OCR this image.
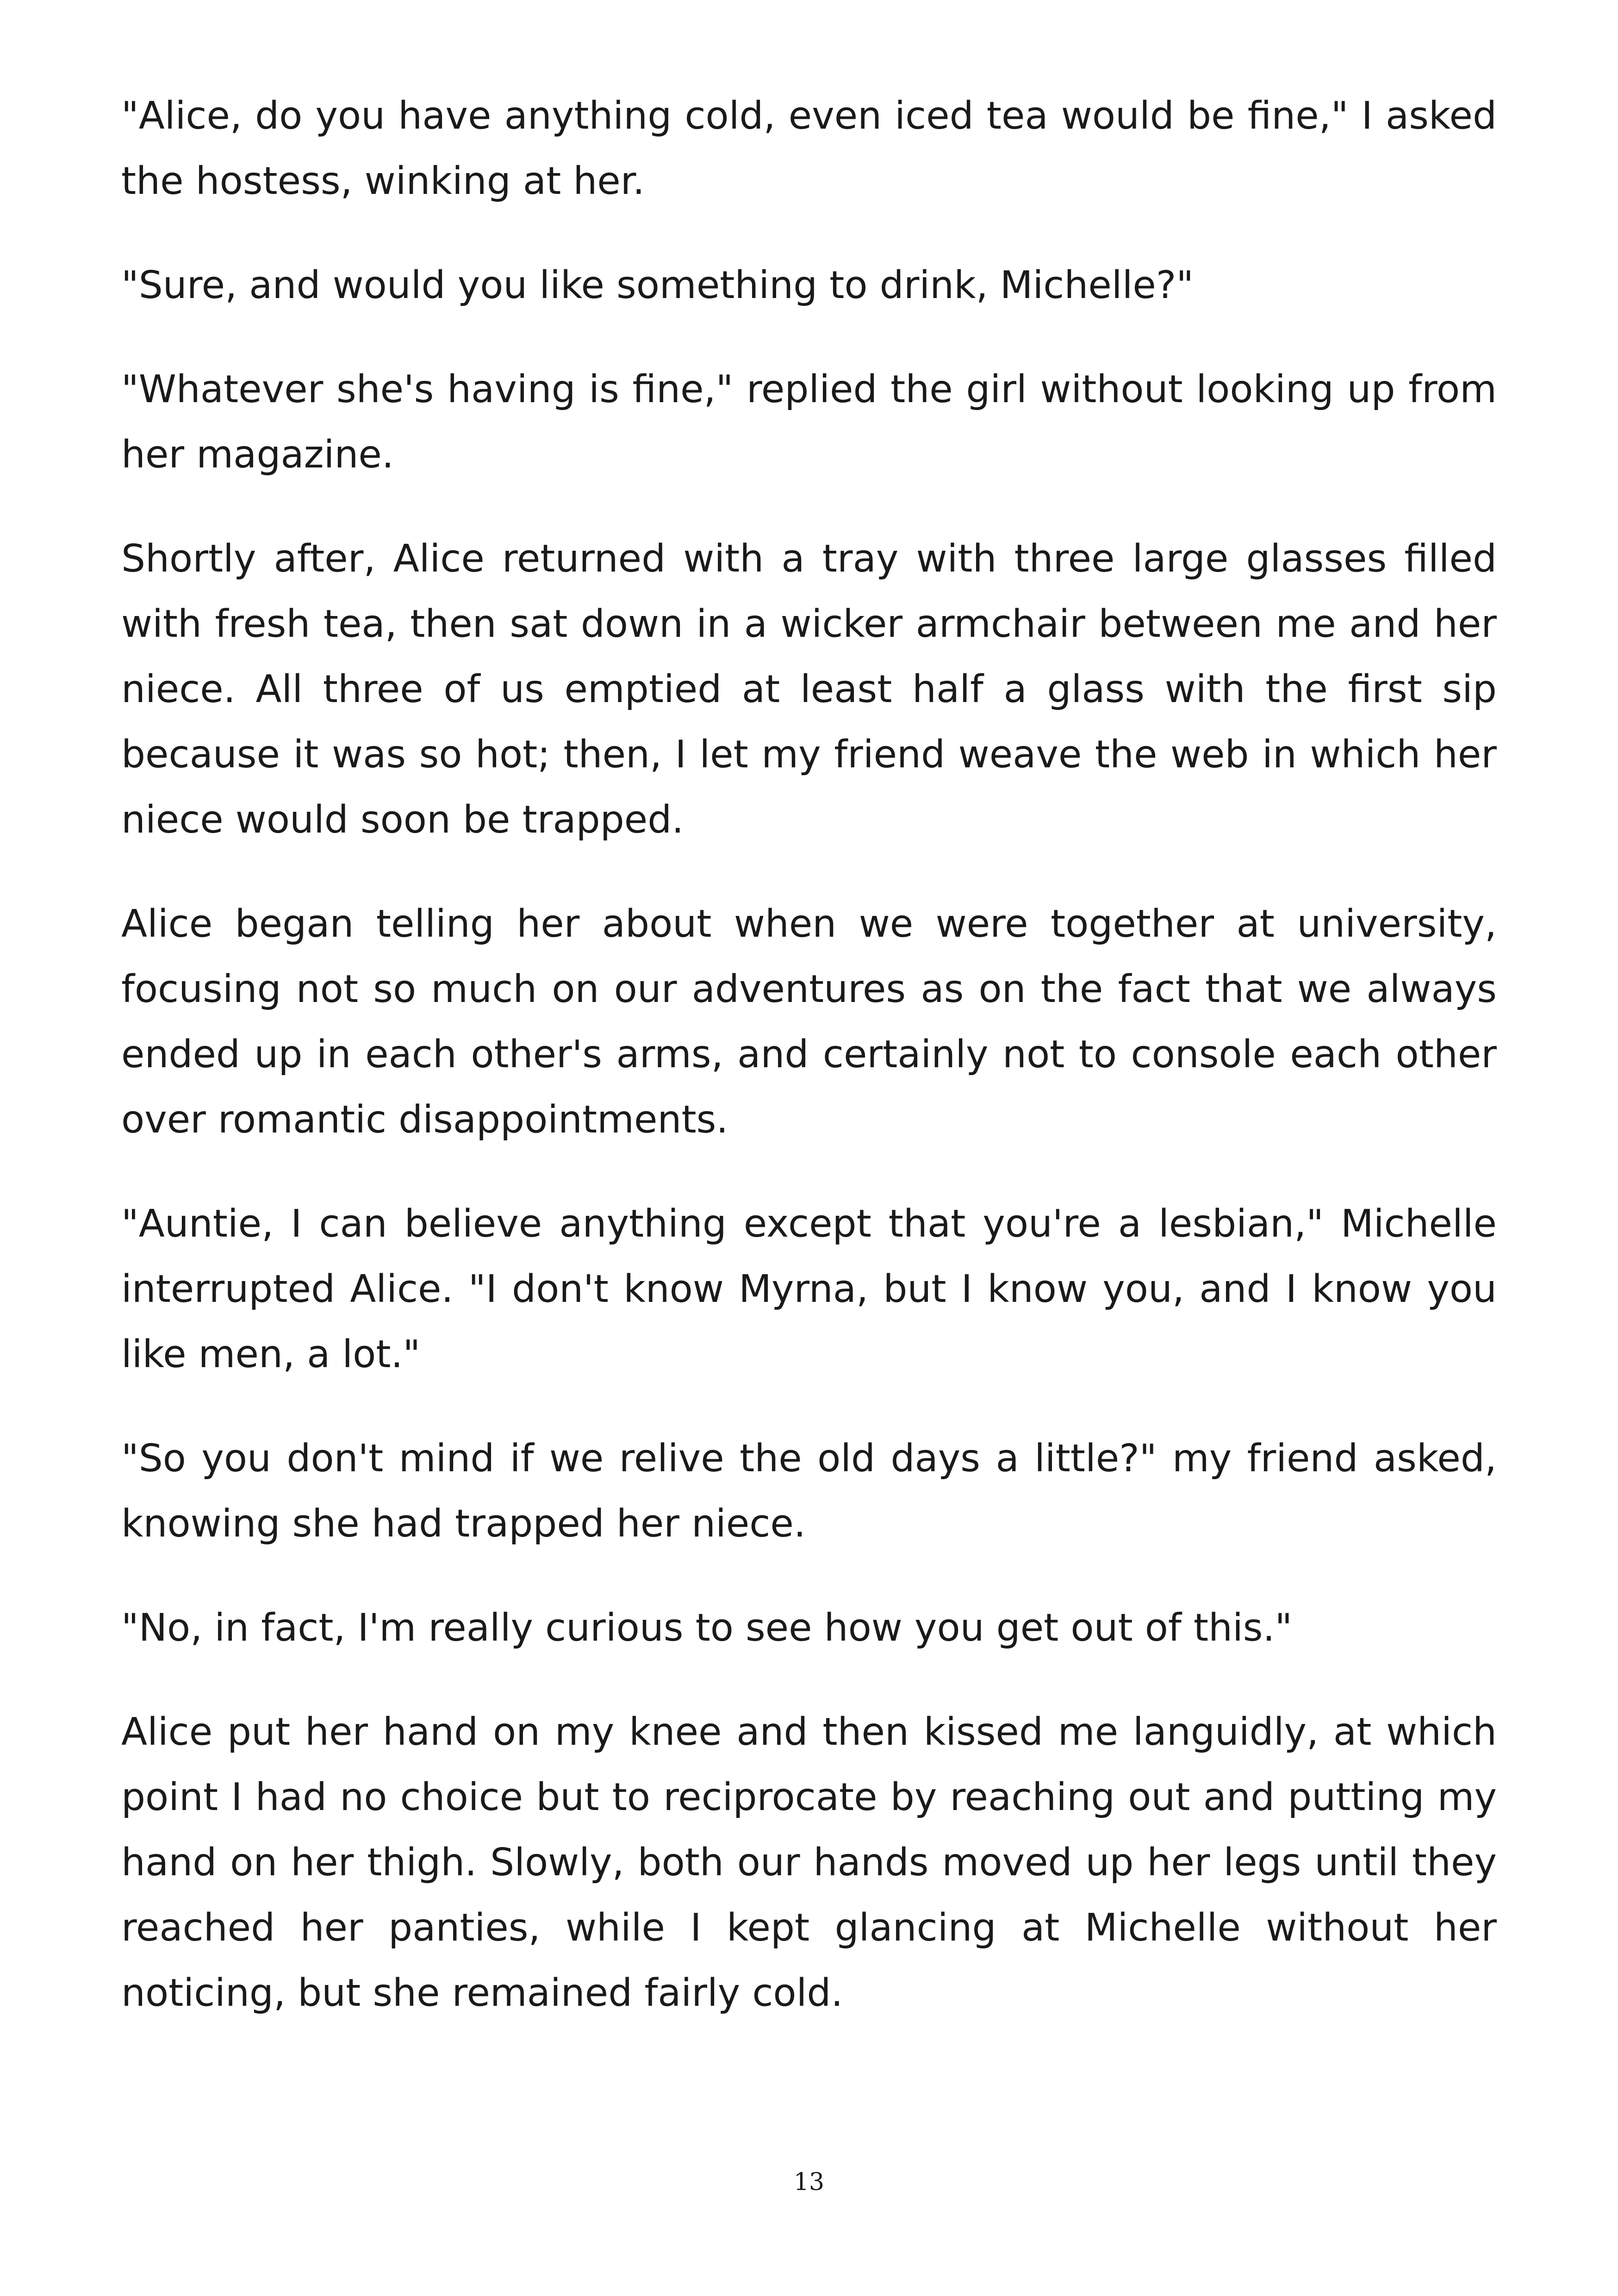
"Alice, do you have anything cold, even iced tea would be fine," I asked the hostess, winking at her.

"Sure, and would you like something to drink, Michelle?"

"Whatever she's having is fine," replied the girl without looking up from her magazine.

Shortly after, Alice returned with a tray with three large glasses filled with fresh tea, then sat down in a wicker armchair between me and her niece. All three of us emptied at least half a glass with the first sip because it was so hot; then, I let my friend weave the web in which her niece would soon be trapped.

Alice began telling her about when we were together at university, focusing not so much on our adventures as on the fact that we always ended up in each other's arms, and certainly not to console each other over romantic disappointments.

"Auntie, I can believe anything except that you're a lesbian," Michelle interrupted Alice. "I don't know Myrna, but I know you, and I know you like men, a lot."

"So you don't mind if we relive the old days a little?" my friend asked, knowing she had trapped her niece.

"No, in fact, I'm really curious to see how you get out of this."

Alice put her hand on my knee and then kissed me languidly, at which point I had no choice but to reciprocate by reaching out and putting my hand on her thigh. Slowly, both our hands moved up her legs until they reached her panties, while I kept glancing at Michelle without her noticing, but she remained fairly cold.

13
